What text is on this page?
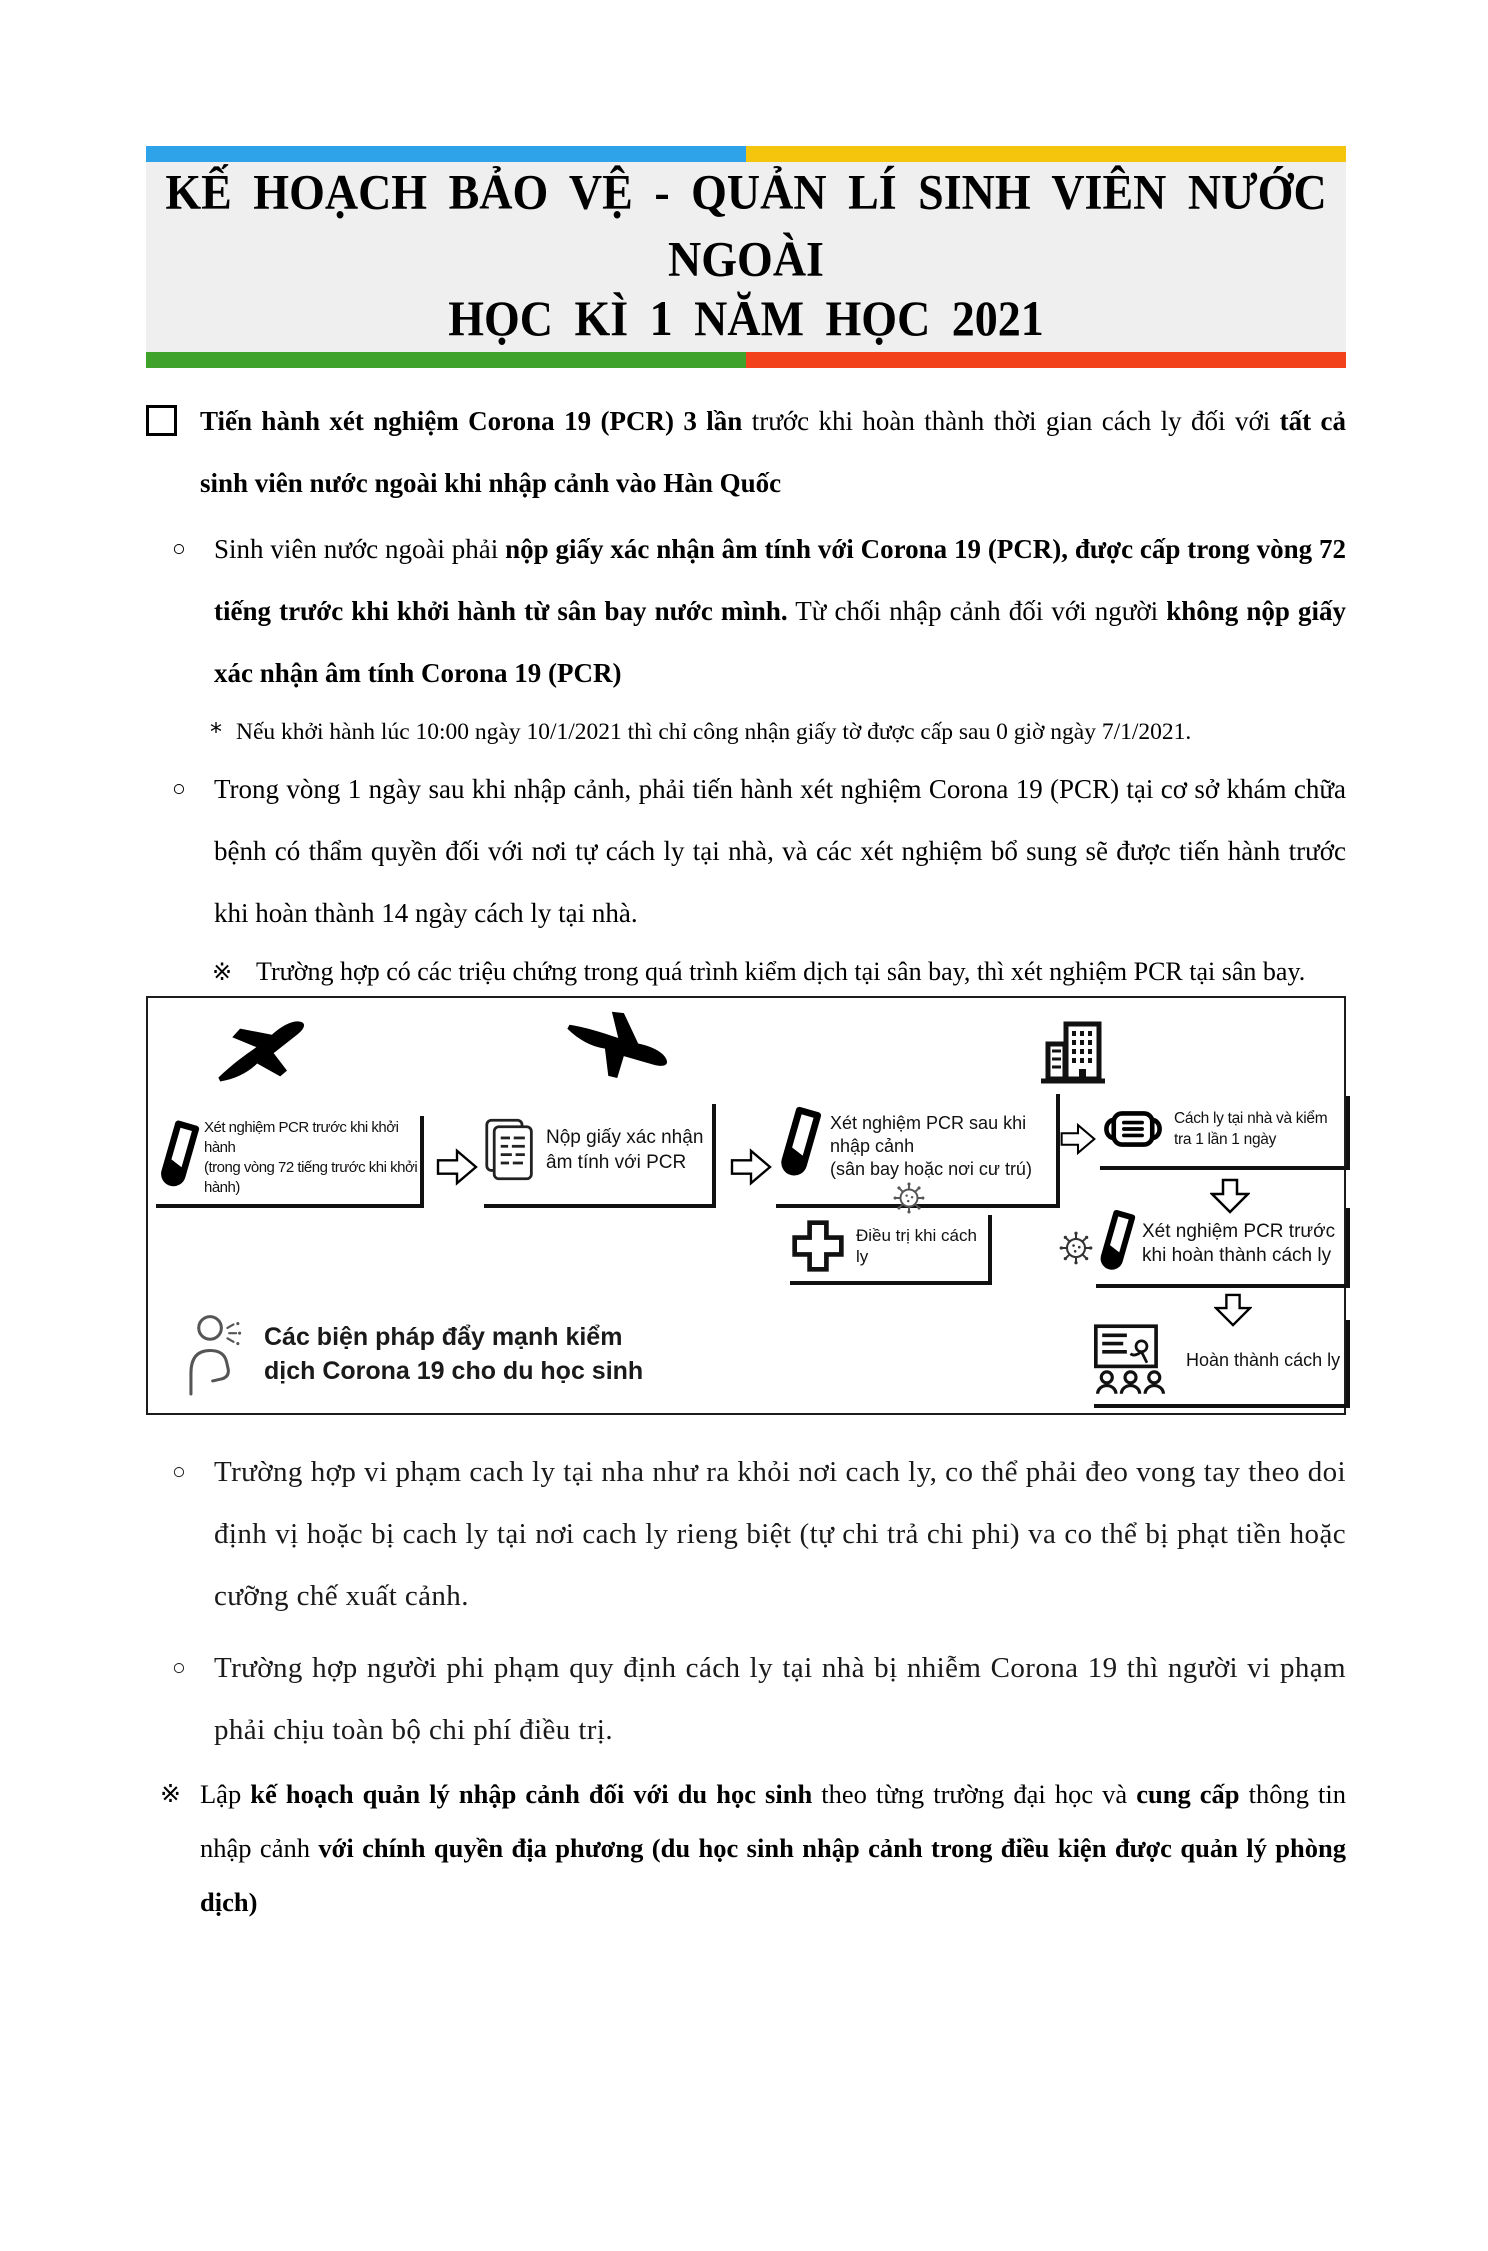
KẾ HOẠCH BẢO VỆ - QUẢN LÍ SINH VIÊN NƯỚC NGOÀI
HỌC KÌ 1 NĂM HỌC 2021
Tiến hành xét nghiệm Corona 19 (PCR) 3 lần trước khi hoàn thành thời gian cách ly đối với tất cả sinh viên nước ngoài khi nhập cảnh vào Hàn Quốc
○	Sinh viên nước ngoài phải nộp giấy xác nhận âm tính với Corona 19 (PCR), được cấp trong vòng 72 tiếng trước khi khởi hành từ sân bay nước mình. Từ chối nhập cảnh đối với người không nộp giấy xác nhận âm tính Corona 19 (PCR)
* Nếu khởi hành lúc 10:00 ngày 10/1/2021 thì chỉ công nhận giấy tờ được cấp sau 0 giờ ngày 7/1/2021.
○	Trong vòng 1 ngày sau khi nhập cảnh, phải tiến hành xét nghiệm Corona 19 (PCR) tại cơ sở khám chữa bệnh có thẩm quyền đối với nơi tự cách ly tại nhà, và các xét nghiệm bổ sung sẽ được tiến hành trước khi hoàn thành 14 ngày cách ly tại nhà.
※ Trường hợp có các triệu chứng trong quá trình kiểm dịch tại sân bay, thì xét nghiệm PCR tại sân bay.
Xét nghiệm PCR trước khi khởi hành
(trong vòng 72 tiếng trước khi khởi hành)
Nộp giấy xác nhận
âm tính với PCR
Xét nghiệm PCR sau khi
nhập cảnh
(sân bay hoặc nơi cư trú)
Cách ly tại nhà và kiểm
tra 1 lần 1 ngày
Điều trị khi cách ly
Xét nghiệm PCR trước
khi hoàn thành cách ly
Hoàn thành cách ly
Các biện pháp đẩy mạnh kiểm
dịch Corona 19 cho du học sinh
○ Trường hợp vi phạm cach ly tại nha như ra khỏi nơi cach ly, co thể phải đeo vong tay theo doi định vị hoặc bị cach ly tại nơi cach ly rieng biệt (tự chi trả chi phi) va co thể bị phạt tiền hoặc cưỡng chế xuất cảnh.
○ Trường hợp người phi phạm quy định cách ly tại nhà bị nhiễm Corona 19 thì người vi phạm phải chịu toàn bộ chi phí điều trị.
※ Lập kế hoạch quản lý nhập cảnh đối với du học sinh theo từng trường đại học và cung cấp thông tin nhập cảnh với chính quyền địa phương (du học sinh nhập cảnh trong điều kiện được quản lý phòng dịch)
